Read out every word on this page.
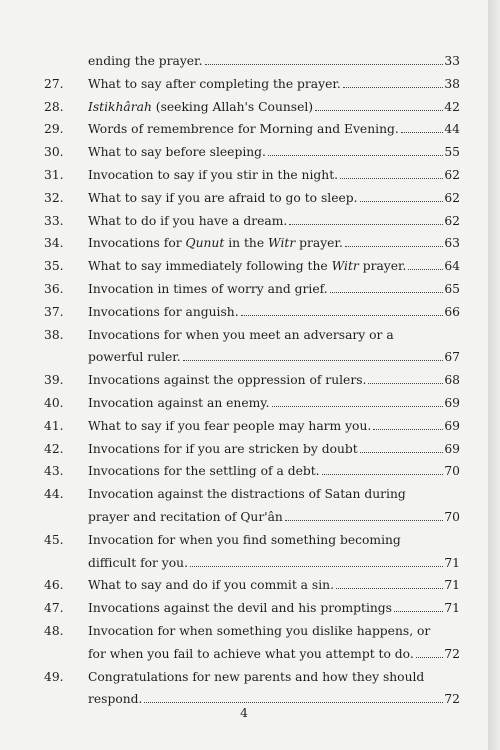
ending the prayer.	33
27.	What to say after completing the prayer.	38
28.	Istikhârah (seeking Allah's Counsel)	42
29.	Words of remembrence for Morning and Evening.	44
30.	What to say before sleeping.	55
31.	Invocation to say if you stir in the night.	62
32.	What to say if you are afraid to go to sleep.	62
33.	What to do if you have a dream.	62
34.	Invocations for Qunut in the Witr prayer.	63
35.	What to say immediately following the Witr prayer.	64
36.	Invocation in times of worry and grief.	65
37.	Invocations for anguish.	66
38.	Invocations for when you meet an adversary or a
powerful ruler.	67
39.	Invocations against the oppression of rulers.	68
40.	Invocation against an enemy.	69
41.	What to say if you fear people may harm you.	69
42.	Invocations for if you are stricken by doubt	69
43.	Invocations for the settling of a debt.	70
44.	Invocation against the distractions of Satan during
prayer and recitation of Qur'ân	70
45.	Invocation for when you find something becoming
difficult for you.	71
46.	What to say and do if you commit a sin.	71
47.	Invocations against the devil and his promptings	71
48.	Invocation for when something you dislike happens, or
for when you fail to achieve what you attempt to do. 72
49.	Congratulations for new parents and how they should
respond.	72
4
